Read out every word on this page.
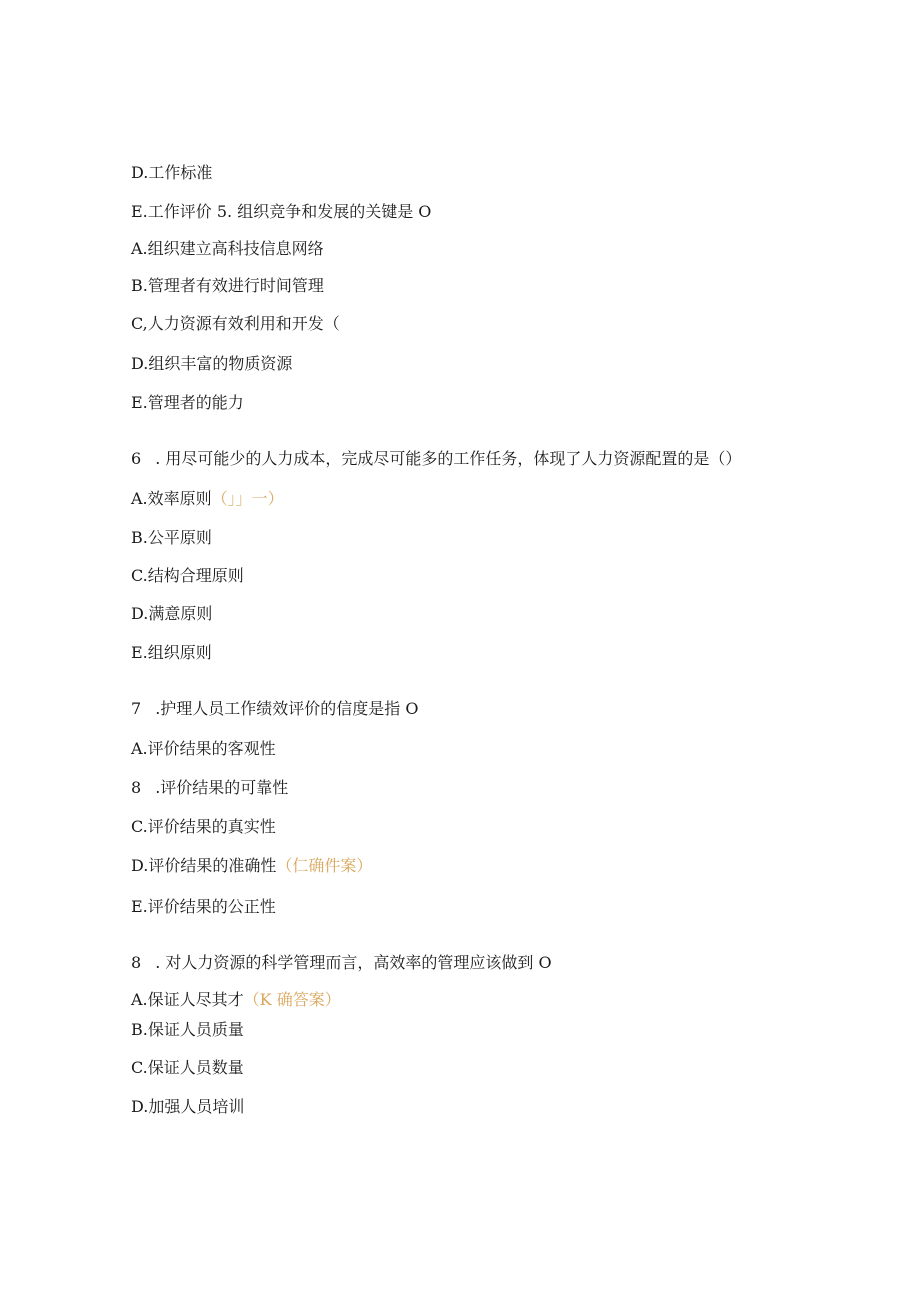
D.工作标准
E.工作评价 5. 组织竞争和发展的关键是 O
A.组织建立高科技信息网络
B.管理者有效进行时间管理
C,人力资源有效利用和开发（
D.组织丰富的物质资源
E.管理者的能力
6 . 用尽可能少的人力成本，完成尽可能多的工作任务，体现了人力资源配置的是（）
A.效率原则（」」一）
B.公平原则
C.结构合理原则
D.满意原则
E.组织原则
7 .护理人员工作绩效评价的信度是指 O
A.评价结果的客观性
8 .评价结果的可靠性
C.评价结果的真实性
D.评价结果的准确性（仁确件案）
E.评价结果的公正性
8 . 对人力资源的科学管理而言，高效率的管理应该做到 O
A.保证人尽其才（K 确答案）
B.保证人员质量
C.保证人员数量
D.加强人员培训
